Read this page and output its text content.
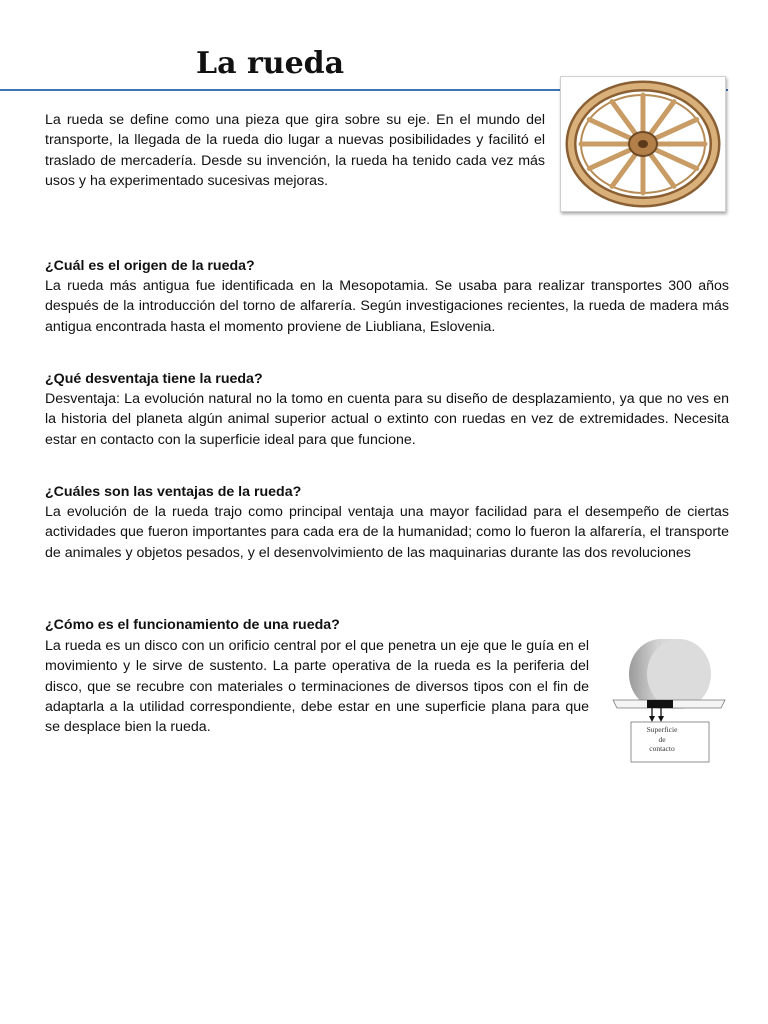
La rueda

La rueda se define como una pieza que gira sobre su eje. En el mundo del transporte, la llegada de la rueda dio lugar a nuevas posibilidades y facilitó el traslado de mercadería. Desde su invención, la rueda ha tenido cada vez más usos y ha experimentado sucesivas mejoras.

¿Cuál es el origen de la rueda?

La rueda más antigua fue identificada en la Mesopotamia. Se usaba para realizar transportes 300 años después de la introducción del torno de alfarería. Según investigaciones recientes, la rueda de madera más antigua encontrada hasta el momento proviene de Liubliana, Eslovenia.

¿Qué desventaja tiene la rueda?

Desventaja: La evolución natural no la tomo en cuenta para su diseño de desplazamiento, ya que no ves en la historia del planeta algún animal superior actual o extinto con ruedas en vez de extremidades. Necesita estar en contacto con la superficie ideal para que funcione.

¿Cuáles son las ventajas de la rueda?

La evolución de la rueda trajo como principal ventaja una mayor facilidad para el desempeño de ciertas actividades que fueron importantes para cada era de la humanidad; como lo fueron la alfarería, el transporte de animales y objetos pesados, y el desenvolvimiento de las maquinarias durante las dos revoluciones

¿Cómo es el funcionamiento de una rueda?

La rueda es un disco con un orificio central por el que penetra un eje que le guía en el movimiento y le sirve de sustento. La parte operativa de la rueda es la periferia del disco, que se recubre con materiales o terminaciones de diversos tipos con el fin de adaptarla a la utilidad correspondiente, debe estar en une superficie plana para que se desplace bien la rueda.	Superficie
de
contacto
